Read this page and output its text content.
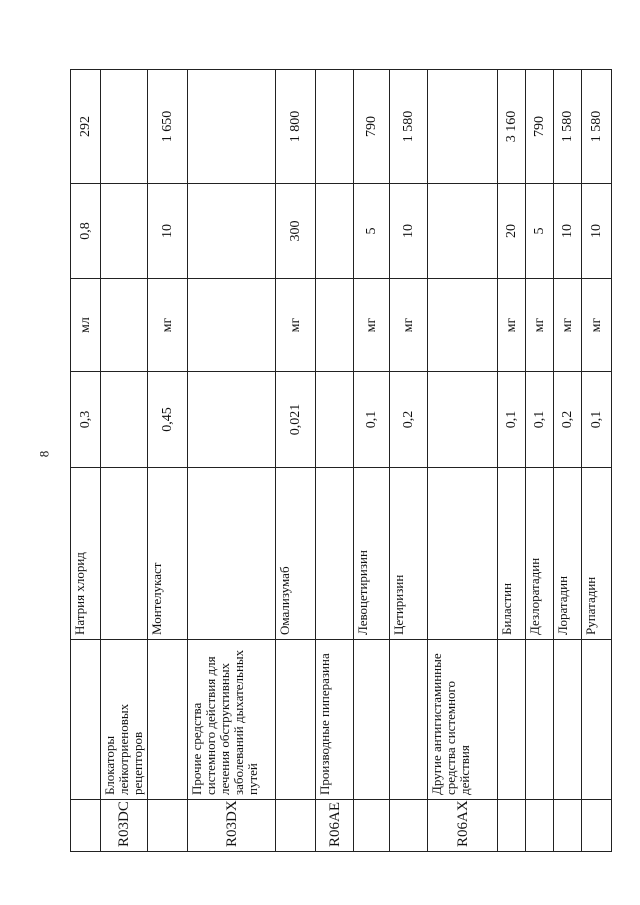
8
		Натрия хлорид	0,3	мл	0,8	292
R03DC	Блокаторы лейкотриеновых рецепторов					
		Монтелукаст	0,45	мг	10	1 650
R03DX	Прочие средства системного действия для лечения обструктивных заболеваний дыхательных путей					
		Омализумаб	0,021	мг	300	1 800
R06AE	Производные пиперазина					
		Левоцетиризин	0,1	мг	5	790
		Цетиризин	0,2	мг	10	1 580
R06AX	Другие антигистаминные средства системного действия					
		Биластин	0,1	мг	20	3 160
		Дезлоратадин	0,1	мг	5	790
		Лоратадин	0,2	мг	10	1 580
		Рупатадин	0,1	мг	10	1 580
